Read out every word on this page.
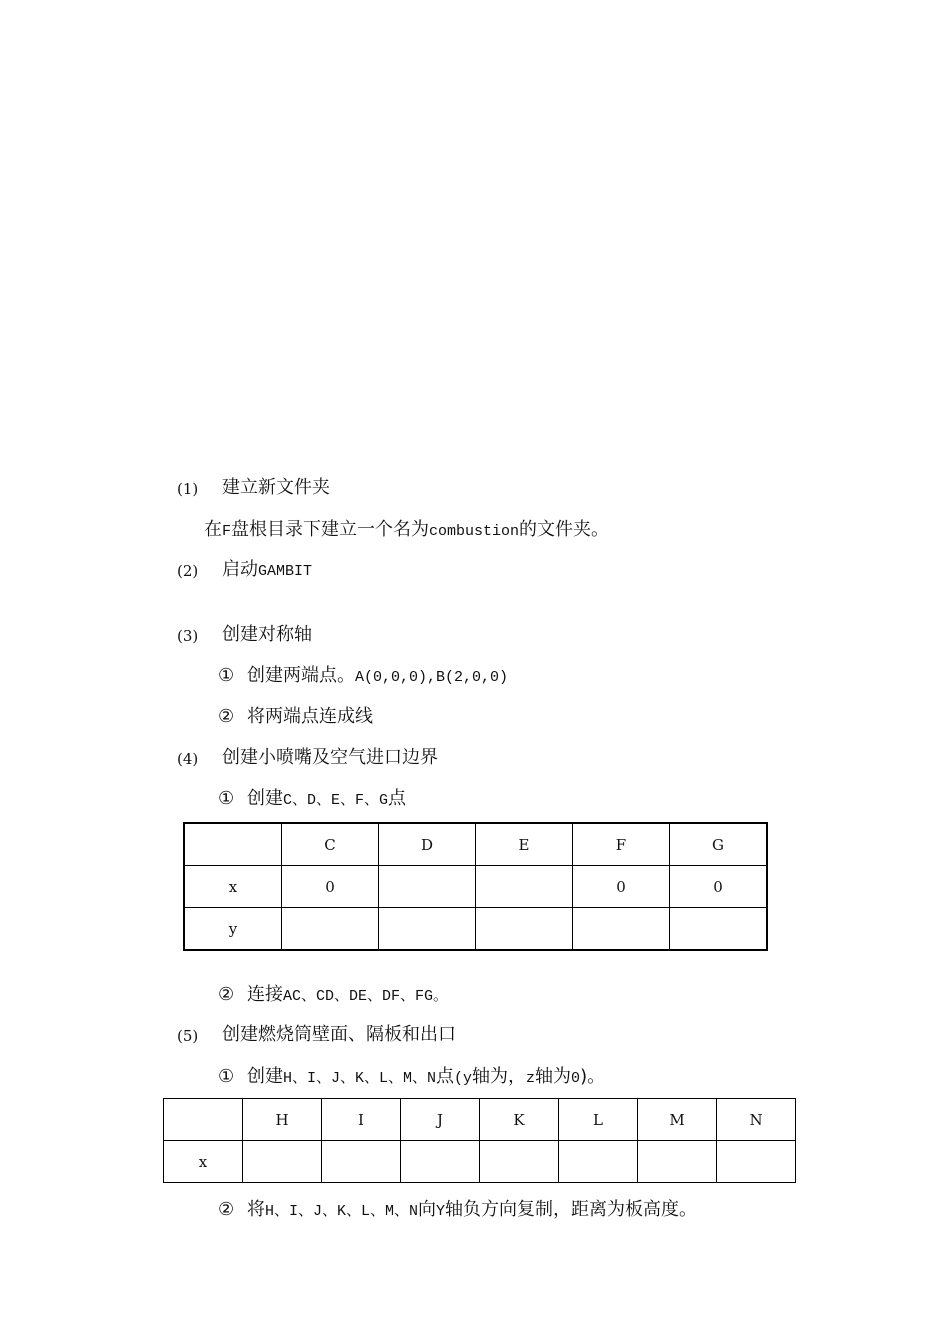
(1) 建立新文件夹
在F盘根目录下建立一个名为combustion的文件夹。
(2) 启动GAMBIT
(3) 创建对称轴
① 创建两端点。A(0,0,0),B(2,0,0)
② 将两端点连成线
(4) 创建小喷嘴及空气进口边界
① 创建C、D、E、F、G点
	C	D	E	F	G
x	0			0	0
y					
② 连接AC、CD、DE、DF、FG。
(5) 创建燃烧筒壁面、隔板和出口
① 创建H、I、J、K、L、M、N点(y轴为，z轴为0)。
	H	I	J	K	L	M	N
x							
② 将H、I、J、K、L、M、N向Y轴负方向复制，距离为板高度。
